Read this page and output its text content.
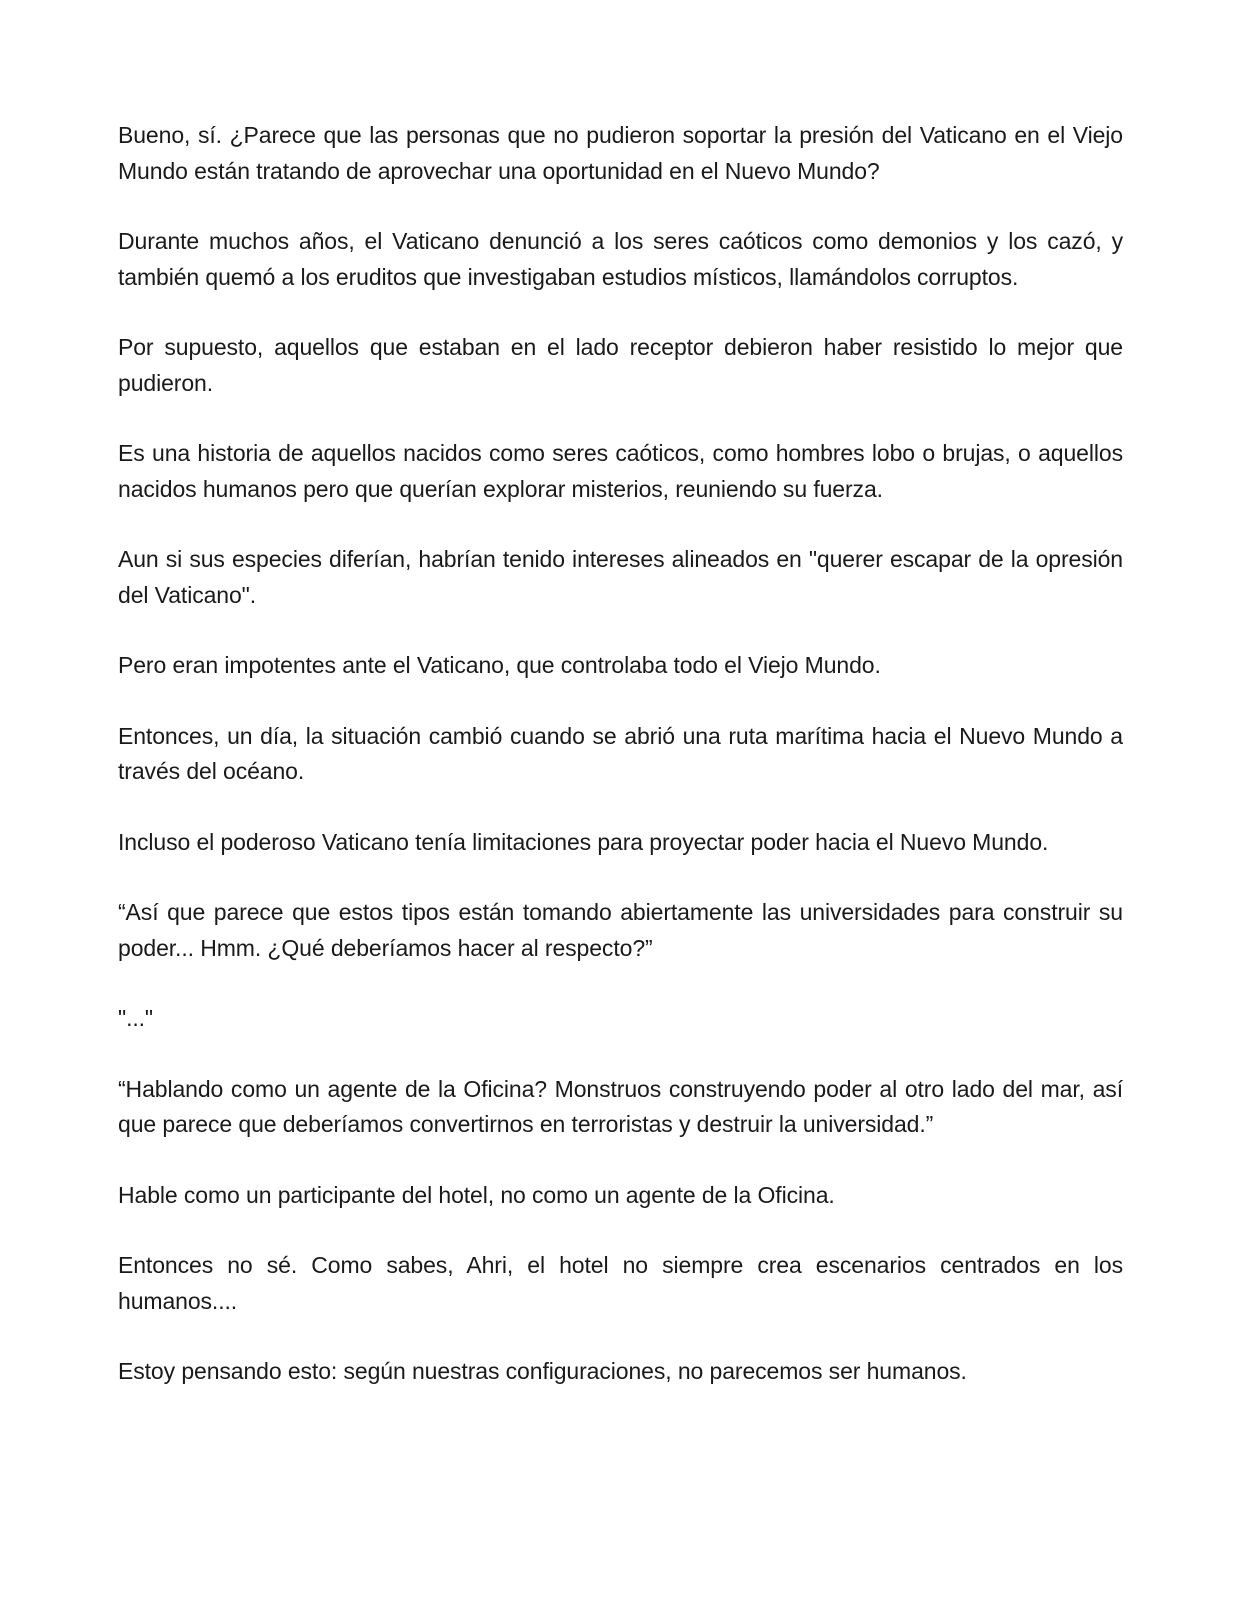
Bueno, sí. ¿Parece que las personas que no pudieron soportar la presión del Vaticano en el Viejo Mundo están tratando de aprovechar una oportunidad en el Nuevo Mundo?

Durante muchos años, el Vaticano denunció a los seres caóticos como demonios y los cazó, y también quemó a los eruditos que investigaban estudios místicos, llamándolos corruptos.

Por supuesto, aquellos que estaban en el lado receptor debieron haber resistido lo mejor que pudieron.

Es una historia de aquellos nacidos como seres caóticos, como hombres lobo o brujas, o aquellos nacidos humanos pero que querían explorar misterios, reuniendo su fuerza.

Aun si sus especies diferían, habrían tenido intereses alineados en "querer escapar de la opresión del Vaticano".

Pero eran impotentes ante el Vaticano, que controlaba todo el Viejo Mundo.

Entonces, un día, la situación cambió cuando se abrió una ruta marítima hacia el Nuevo Mundo a través del océano.

Incluso el poderoso Vaticano tenía limitaciones para proyectar poder hacia el Nuevo Mundo.

“Así que parece que estos tipos están tomando abiertamente las universidades para construir su poder... Hmm. ¿Qué deberíamos hacer al respecto?”

"..."

“Hablando como un agente de la Oficina? Monstruos construyendo poder al otro lado del mar, así que parece que deberíamos convertirnos en terroristas y destruir la universidad.”

Hable como un participante del hotel, no como un agente de la Oficina.

Entonces no sé. Como sabes, Ahri, el hotel no siempre crea escenarios centrados en los humanos....

Estoy pensando esto: según nuestras configuraciones, no parecemos ser humanos.
